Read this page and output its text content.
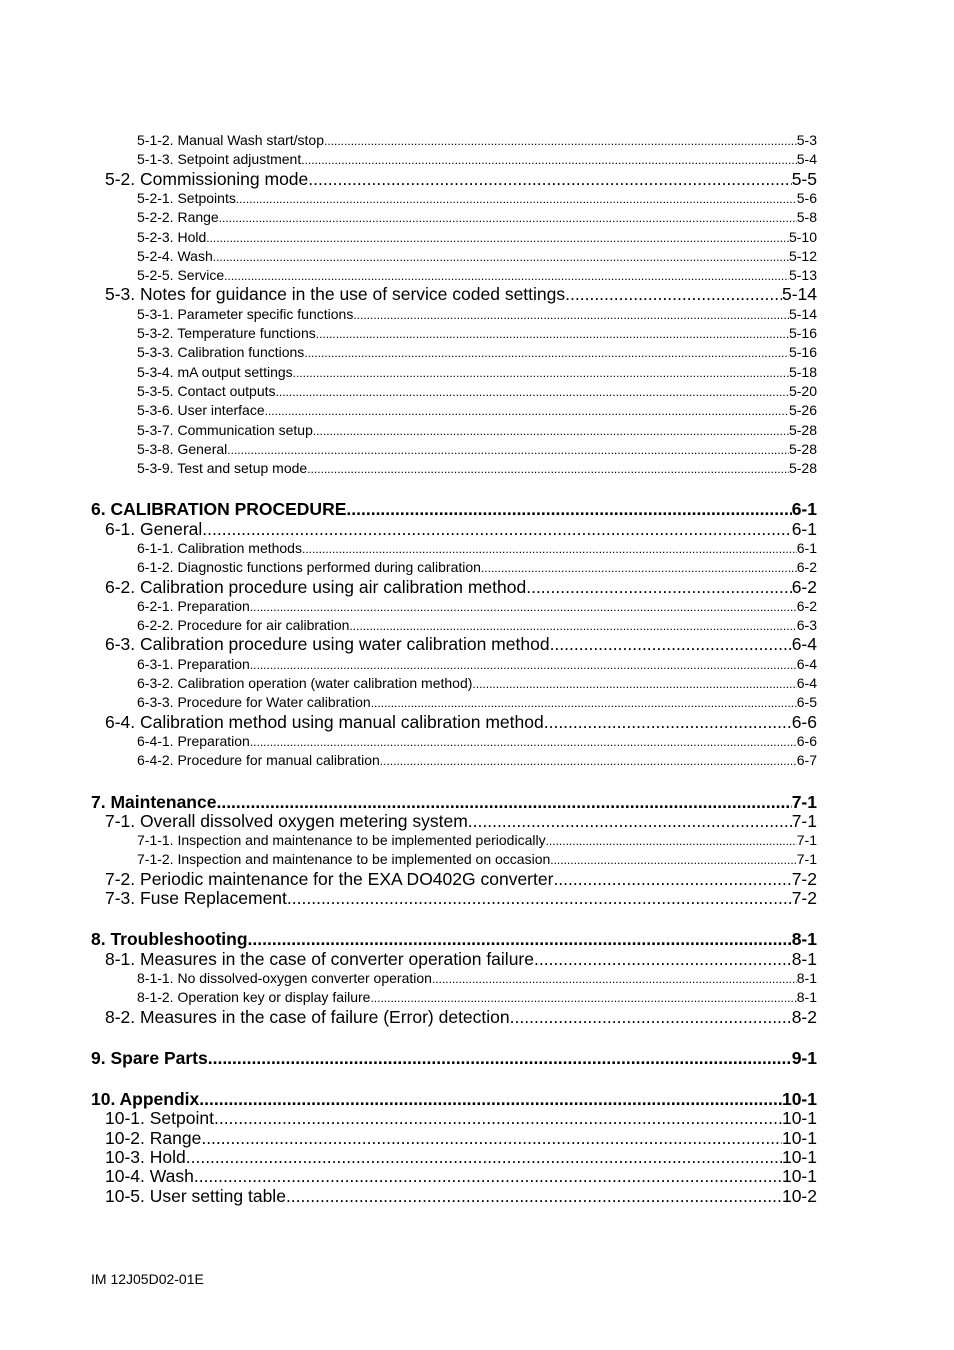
5-1-2. Manual Wash start/stop .....	5-3
5-1-3. Setpoint adjustment .....	5-4
5-2. Commissioning mode .....	5-5
5-2-1. Setpoints .....	5-6
5-2-2. Range .....	5-8
5-2-3. Hold .....	5-10
5-2-4. Wash .....	5-12
5-2-5. Service .....	5-13
5-3. Notes for guidance in the use of service coded settings .....	5-14
5-3-1. Parameter specific functions .....	5-14
5-3-2. Temperature functions .....	5-16
5-3-3. Calibration functions .....	5-16
5-3-4. mA output settings .....	5-18
5-3-5. Contact outputs .....	5-20
5-3-6. User interface .....	5-26
5-3-7. Communication setup .....	5-28
5-3-8. General .....	5-28
5-3-9. Test and setup mode .....	5-28
6. CALIBRATION PROCEDURE .....	6-1
6-1. General .....	6-1
6-1-1. Calibration methods .....	6-1
6-1-2. Diagnostic functions performed during calibration .....	6-2
6-2. Calibration procedure using air calibration method .....	6-2
6-2-1. Preparation .....	6-2
6-2-2. Procedure for air calibration .....	6-3
6-3. Calibration procedure using water calibration method .....	6-4
6-3-1. Preparation .....	6-4
6-3-2. Calibration operation (water calibration method) .....	6-4
6-3-3. Procedure for Water calibration .....	6-5
6-4. Calibration method using manual calibration method .....	6-6
6-4-1. Preparation .....	6-6
6-4-2. Procedure for manual calibration .....	6-7
7. Maintenance .....	7-1
7-1. Overall dissolved oxygen metering system .....	7-1
7-1-1. Inspection and maintenance to be implemented periodically .....	7-1
7-1-2. Inspection and maintenance to be implemented on occasion .....	7-1
7-2. Periodic maintenance for the EXA DO402G converter .....	7-2
7-3. Fuse Replacement .....	7-2
8. Troubleshooting .....	8-1
8-1. Measures in the case of converter operation failure .....	8-1
8-1-1. No dissolved-oxygen converter operation .....	8-1
8-1-2. Operation key or display failure .....	8-1
8-2. Measures in the case of failure (Error) detection .....	8-2
9. Spare Parts .....	9-1
10. Appendix .....	10-1
10-1. Setpoint .....	10-1
10-2. Range .....	10-1
10-3. Hold .....	10-1
10-4. Wash .....	10-1
10-5. User setting table .....	10-2
IM 12J05D02-01E
